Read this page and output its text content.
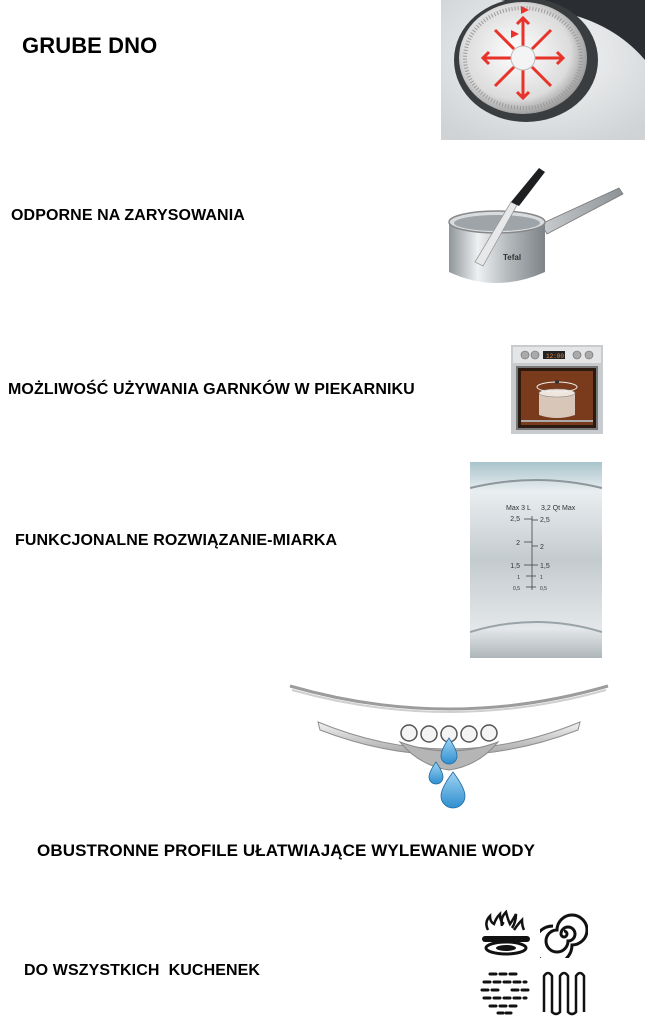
GRUBE DNO
ODPORNE NA ZARYSOWANIA
Tefal
MOŻLIWOŚĆ UŻYWANIA GARNKÓW W PIEKARNIKU
12:00
FUNKCJONALNE ROZWIĄZANIE-MIARKA
Max 3 L 3,2 Qt Max
2,5
2
1,5
1
0,5
2,5
2
1,5
1
0,5
OBUSTRONNE PROFILE UŁATWIAJĄCE WYLEWANIE WODY
DO WSZYSTKICH  KUCHENEK
